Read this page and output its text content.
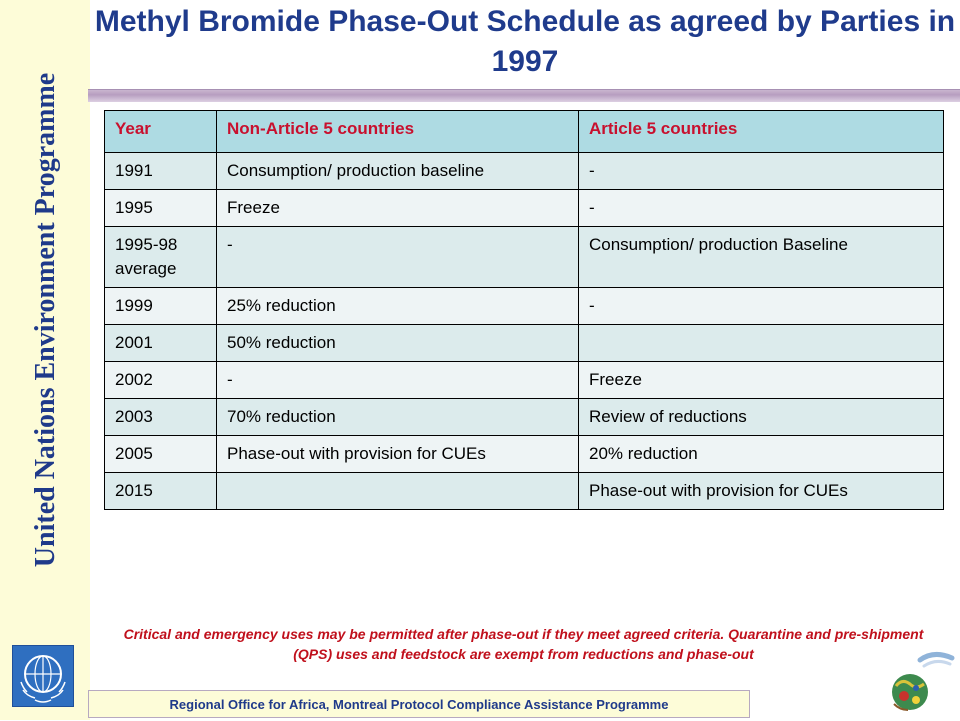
United Nations Environment Programme
Methyl Bromide Phase-Out Schedule as agreed by Parties in 1997
Year	Non-Article 5 countries	Article 5 countries
1991	Consumption/ production baseline	-
1995	Freeze	-
1995-98 average	-	Consumption/ production Baseline
1999	25% reduction	-
2001	50% reduction	
2002	-	Freeze
2003	70% reduction	Review of reductions
2005	Phase-out with provision for CUEs	20% reduction
2015		Phase-out with provision for CUEs
Critical and emergency uses may be permitted after phase-out if they meet agreed criteria. Quarantine and pre-shipment (QPS) uses and feedstock are exempt from reductions and phase-out
Regional Office for Africa, Montreal Protocol Compliance Assistance Programme
